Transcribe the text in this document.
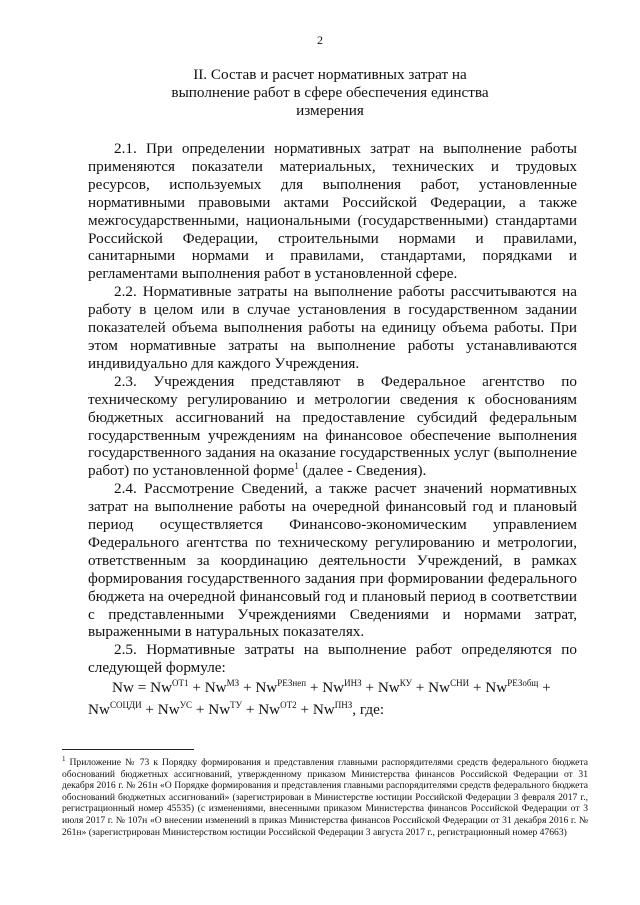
2
II. Состав и расчет нормативных затрат на
выполнение работ в сфере обеспечения единства
измерения

2.1. При определении нормативных затрат на выполнение работы применяются показатели материальных, технических и трудовых ресурсов, используемых для выполнения работ, установленные нормативными правовыми актами Российской Федерации, а также межгосударственными, национальными (государственными) стандартами Российской Федерации, строительными нормами и правилами, санитарными нормами и правилами, стандартами, порядками и регламентами выполнения работ в установленной сфере.

2.2. Нормативные затраты на выполнение работы рассчитываются на работу в целом или в случае установления в государственном задании показателей объема выполнения работы на единицу объема работы. При этом нормативные затраты на выполнение работы устанавливаются индивидуально для каждого Учреждения.

2.3. Учреждения представляют в Федеральное агентство по техническому регулированию и метрологии сведения к обоснованиям бюджетных ассигнований на предоставление субсидий федеральным государственным учреждениям на финансовое обеспечение выполнения государственного задания на оказание государственных услуг (выполнение работ) по установленной форме$^1$ (далее - Сведения).

2.4. Рассмотрение Сведений, а также расчет значений нормативных затрат на выполнение работы на очередной финансовый год и плановый период осуществляется Финансово-экономическим управлением Федерального агентства по техническому регулированию и метрологии, ответственным за координацию деятельности Учреждений, в рамках формирования государственного задания при формировании федерального бюджета на очередной финансовый год и плановый период в соответствии с представленными Учреждениями Сведениями и нормами затрат, выраженными в натуральных показателях.

2.5. Нормативные затраты на выполнение работ определяются по следующей формуле:

$Nw = Nw^{ОТ1} + Nw^{МЗ} + Nw^{РЕЗнеп} + Nw^{ИНЗ} + Nw^{КУ} + Nw^{СНИ} + Nw^{РЕЗобщ}$ +
$Nw^{СОЦДИ} + Nw^{УС} + Nw^{ТУ} + Nw^{ОТ2} + Nw^{ПНЗ}$, где:
$^1$ Приложение № 73 к Порядку формирования и представления главными распорядителями средств федерального бюджета обоснований бюджетных ассигнований, утвержденному приказом Министерства финансов Российской Федерации от 31 декабря 2016 г. № 261н «О Порядке формирования и представления главными распорядителями средств федерального бюджета обоснований бюджетных ассигнований» (зарегистрирован в Министерстве юстиции Российской Федерации 3 февраля 2017 г., регистрационный номер 45535) (с изменениями, внесенными приказом Министерства финансов Российской Федерации от 3 июля 2017 г. № 107н «О внесении изменений в приказ Министерства финансов Российской Федерации от 31 декабря 2016 г. № 261н» (зарегистрирован Министерством юстиции Российской Федерации 3 августа 2017 г., регистрационный номер 47663)
